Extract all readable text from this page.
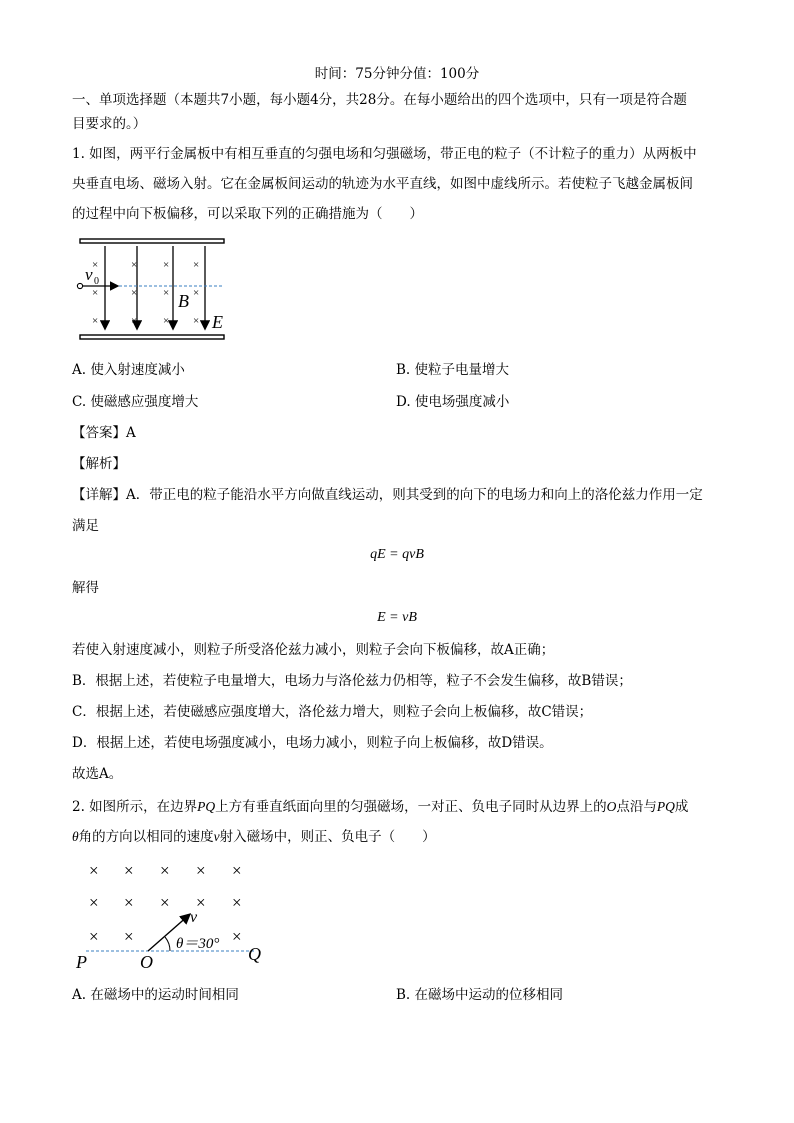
时间：75分钟分值：100分
一、单项选择题（本题共7小题，每小题4分，共28分。在每小题给出的四个选项中，只有一项是符合题
目要求的。）
1. 如图，两平行金属板中有相互垂直的匀强电场和匀强磁场，带正电的粒子（不计粒子的重力）从两板中
央垂直电场、磁场入射。它在金属板间运动的轨迹为水平直线，如图中虚线所示。若使粒子飞越金属板间
的过程中向下板偏移，可以采取下列的正确措施为（　　）
v 0
×	× × ×
×	× × ×
×	× × ×
B
E
A. 使入射速度减小	B. 使粒子电量增大
C. 使磁感应强度增大	D. 使电场强度减小
【答案】A
【解析】
【详解】A．带正电的粒子能沿水平方向做直线运动，则其受到的向下的电场力和向上的洛伦兹力作用一定
满足
qE = qvB
解得
E = vB
若使入射速度减小，则粒子所受洛伦兹力减小，则粒子会向下板偏移，故A正确；
B．根据上述，若使粒子电量增大，电场力与洛伦兹力仍相等，粒子不会发生偏移，故B错误；
C．根据上述，若使磁感应强度增大，洛伦兹力增大，则粒子会向上板偏移，故C错误；
D．根据上述，若使电场强度减小，电场力减小，则粒子向上板偏移，故D错误。
故选A。
2. 如图所示，在边界PQ上方有垂直纸面向里的匀强磁场，一对正、负电子同时从边界上的O点沿与PQ成
θ角的方向以相同的速度v射入磁场中，则正、负电子（　　）
× × × × ×
× × × × ×
× ×	×
v
θ＝30°
P	O	Q
A. 在磁场中的运动时间相同	B. 在磁场中运动的位移相同
